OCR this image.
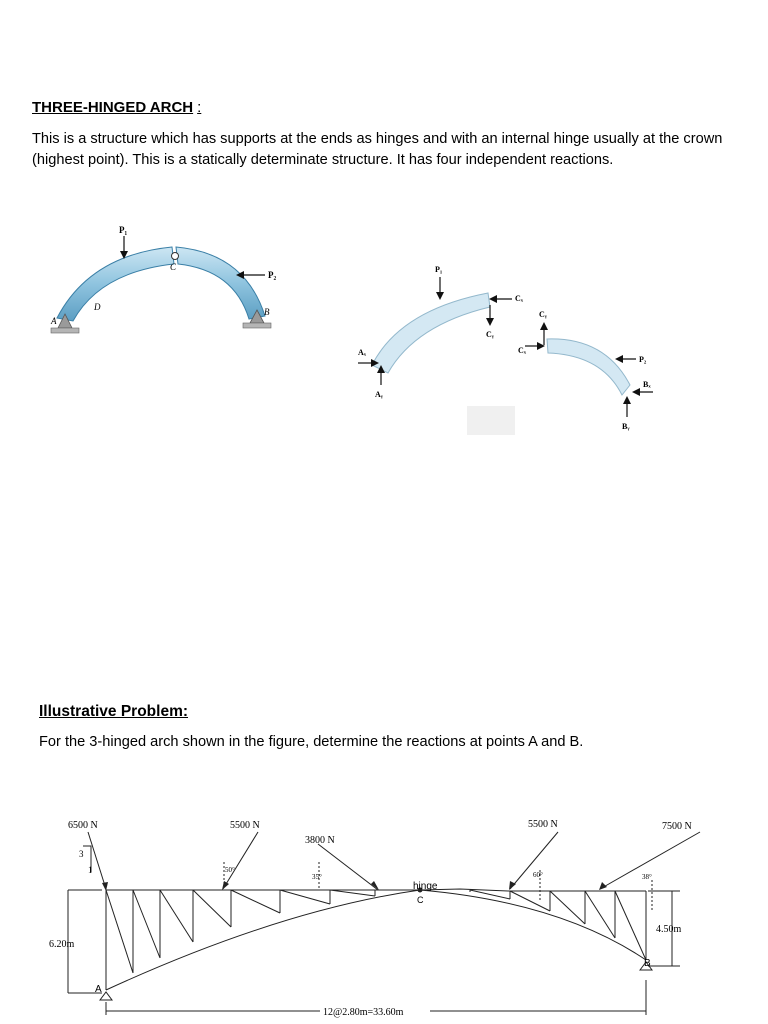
THREE-HINGED ARCH :

This is a structure which has supports at the ends as hinges and with an internal hinge usually at the crown (highest point). This is a statically determinate structure. It has four independent reactions.

P₁
P₂
A
B
C
D
P₁
Cₓ
Cᵧ
Cᵧ
Cₓ
Aₓ
Aᵧ
P₂
Bₓ
Bᵧ
Illustrative Problem:

For the 3-hinged arch shown in the figure, determine the reactions at points A and B.

6500 N	5500 N
3800 N
5500 N	7500 N
3
1	50°
35°	60°	38°
hinge
C
A
B
6.20m
4.50m
12@2.80m=33.60m
